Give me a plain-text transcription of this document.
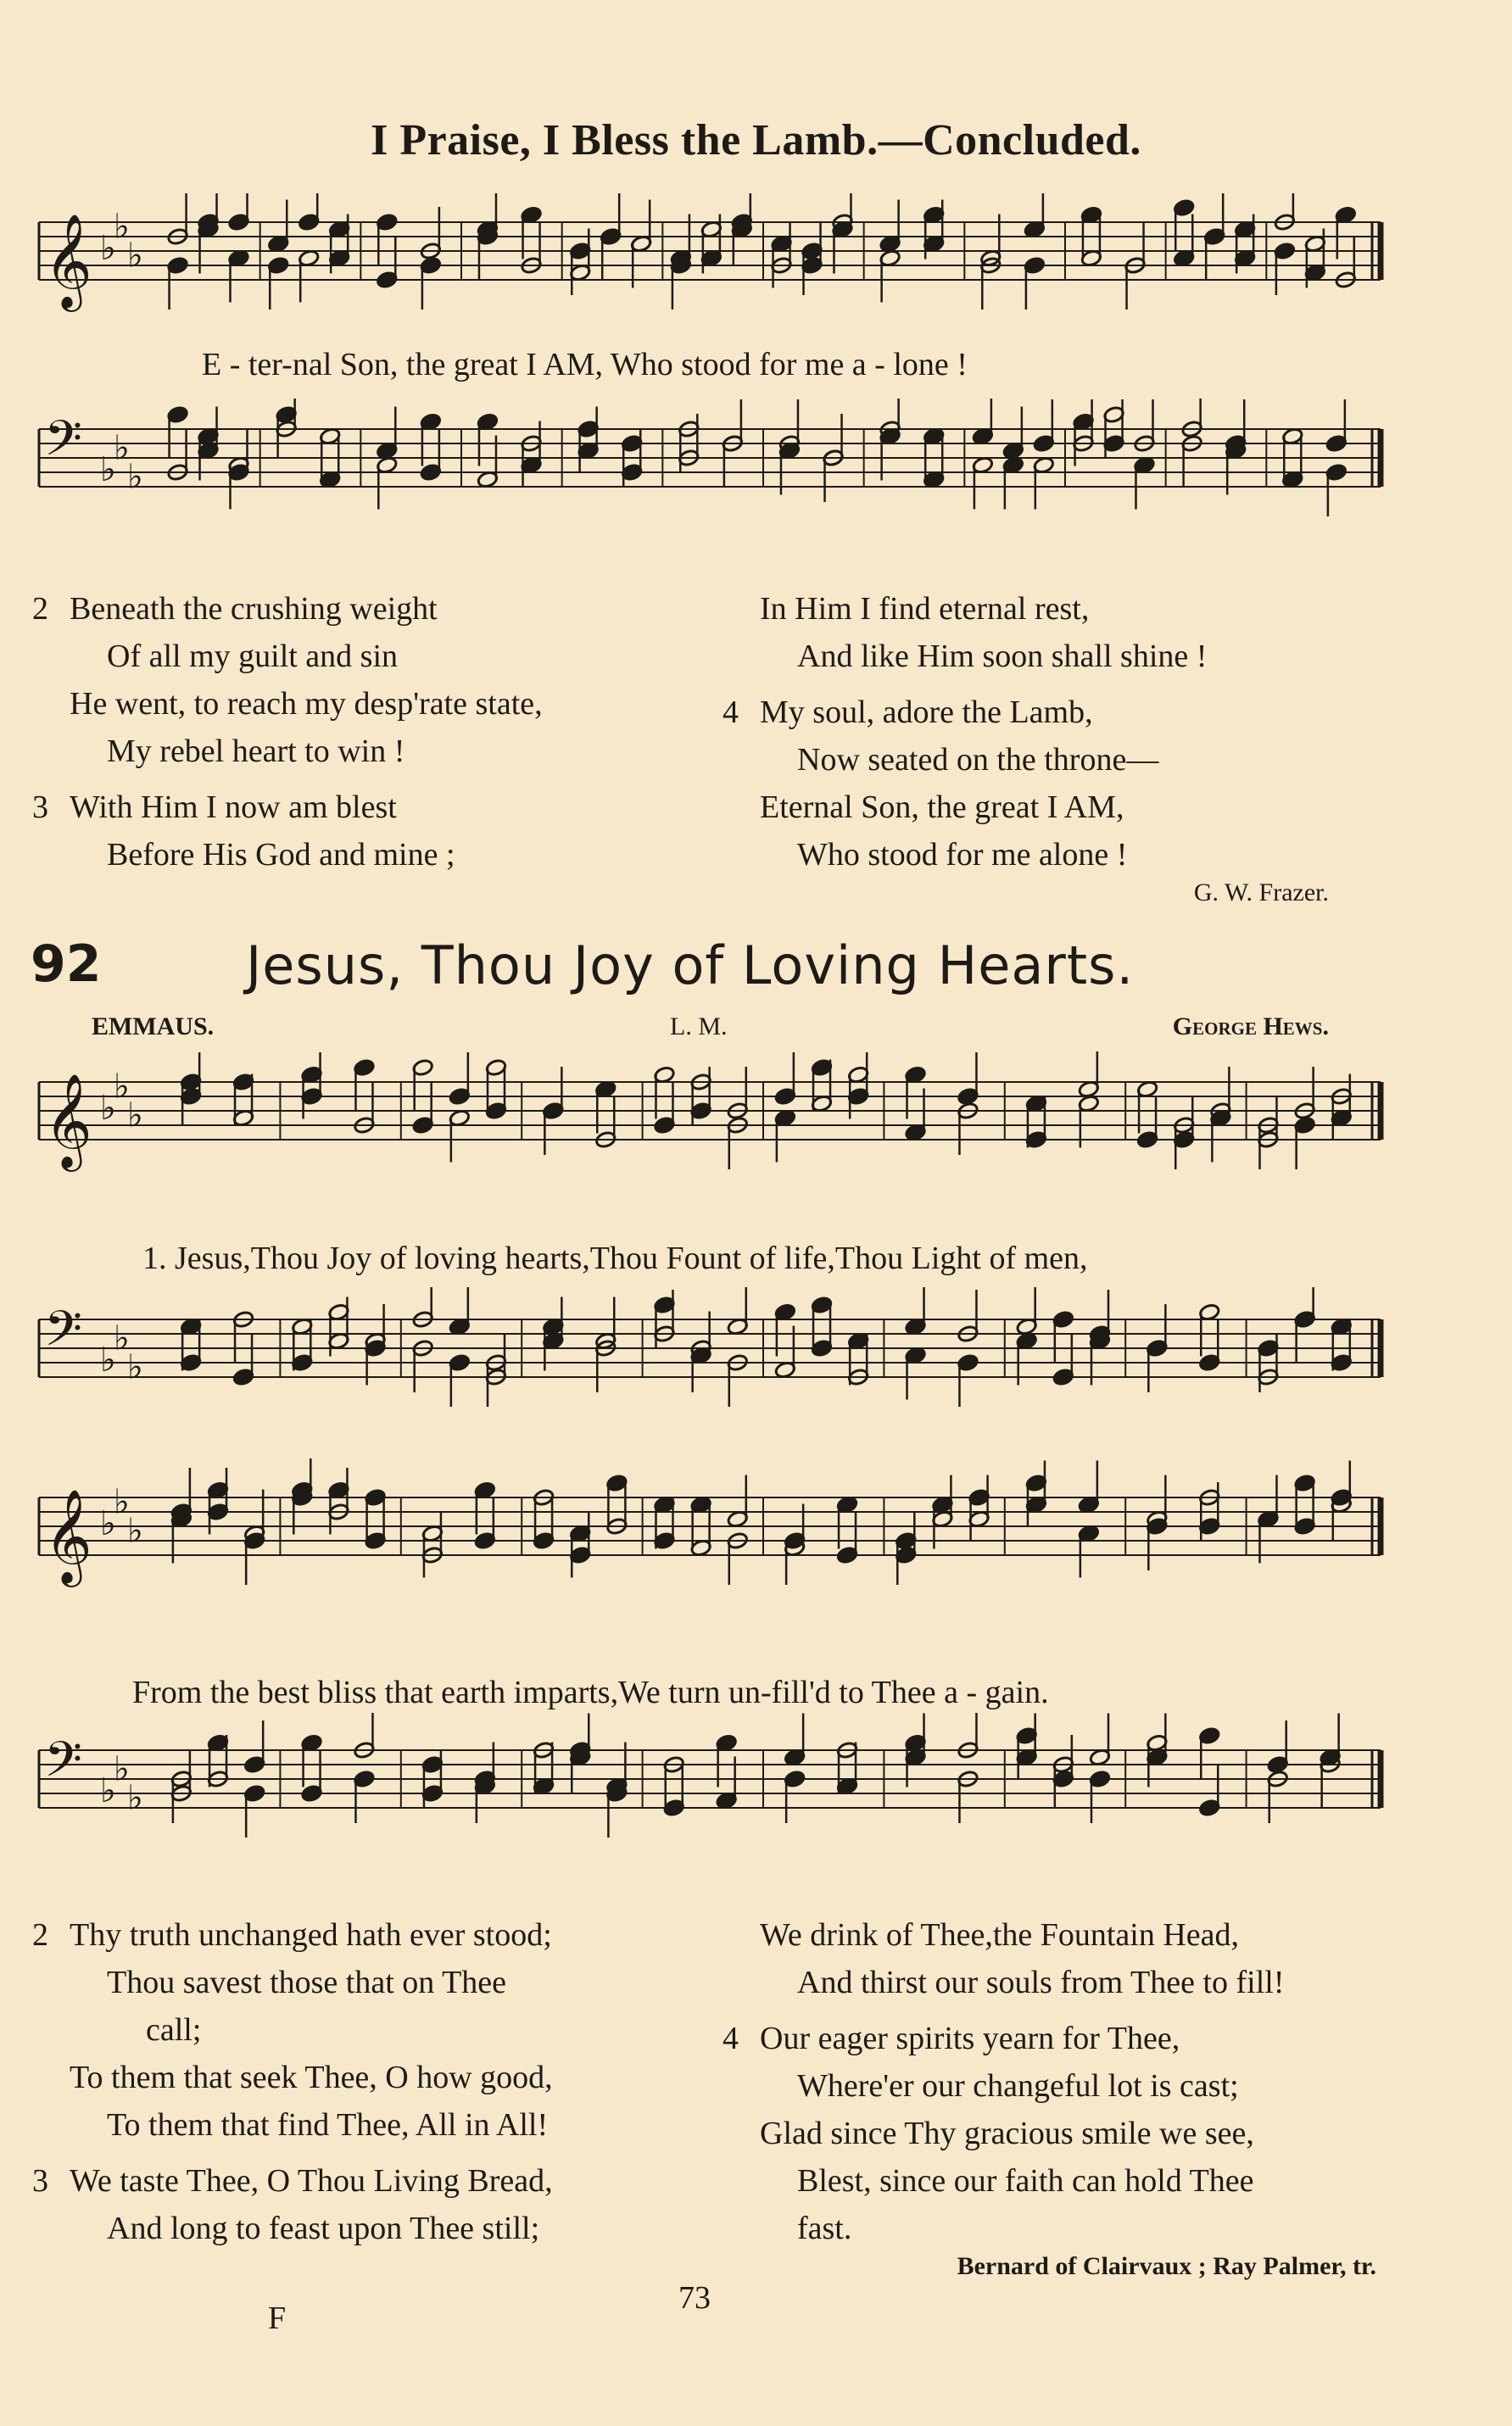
I Praise, I Bless the Lamb.—Concluded.
𝄞 ♭
♭
♭
E - ter-nal Son, the great I AM, Who stood for me a - lone !
𝄢 ♭
♭
♭
2 Beneath the crushing weight
Of all my guilt and sin
He went, to reach my desp'rate state,
My rebel heart to win !
3 With Him I now am blest
Before His God and mine ;
In Him I find eternal rest,
And like Him soon shall shine !
4 My soul, adore the Lamb,
Now seated on the throne—
Eternal Son, the great I AM,
Who stood for me alone !
G. W. Frazer.
92	Jesus, Thou Joy of Loving Hearts.
EMMAUS.	L. M.	George Hews.
𝄞 ♭
♭
♭
1. Jesus,Thou Joy of loving hearts,Thou Fount of life,Thou Light of men,
𝄢 ♭
♭
♭
𝄞 ♭
♭
♭
From the best bliss that earth imparts,We turn un-fill'd to Thee a - gain.
𝄢 ♭
♭
♭
2 Thy truth unchanged hath ever stood;
Thou savest those that on Thee
call;
To them that seek Thee, O how good,
To them that find Thee, All in All!
3 We taste Thee, O Thou Living Bread,
And long to feast upon Thee still;
We drink of Thee,the Fountain Head,
And thirst our souls from Thee to fill!
4 Our eager spirits yearn for Thee,
Where'er our changeful lot is cast;
Glad since Thy gracious smile we see,
Blest, since our faith can hold Thee
fast.
Bernard of Clairvaux ; Ray Palmer, tr.
F
73
